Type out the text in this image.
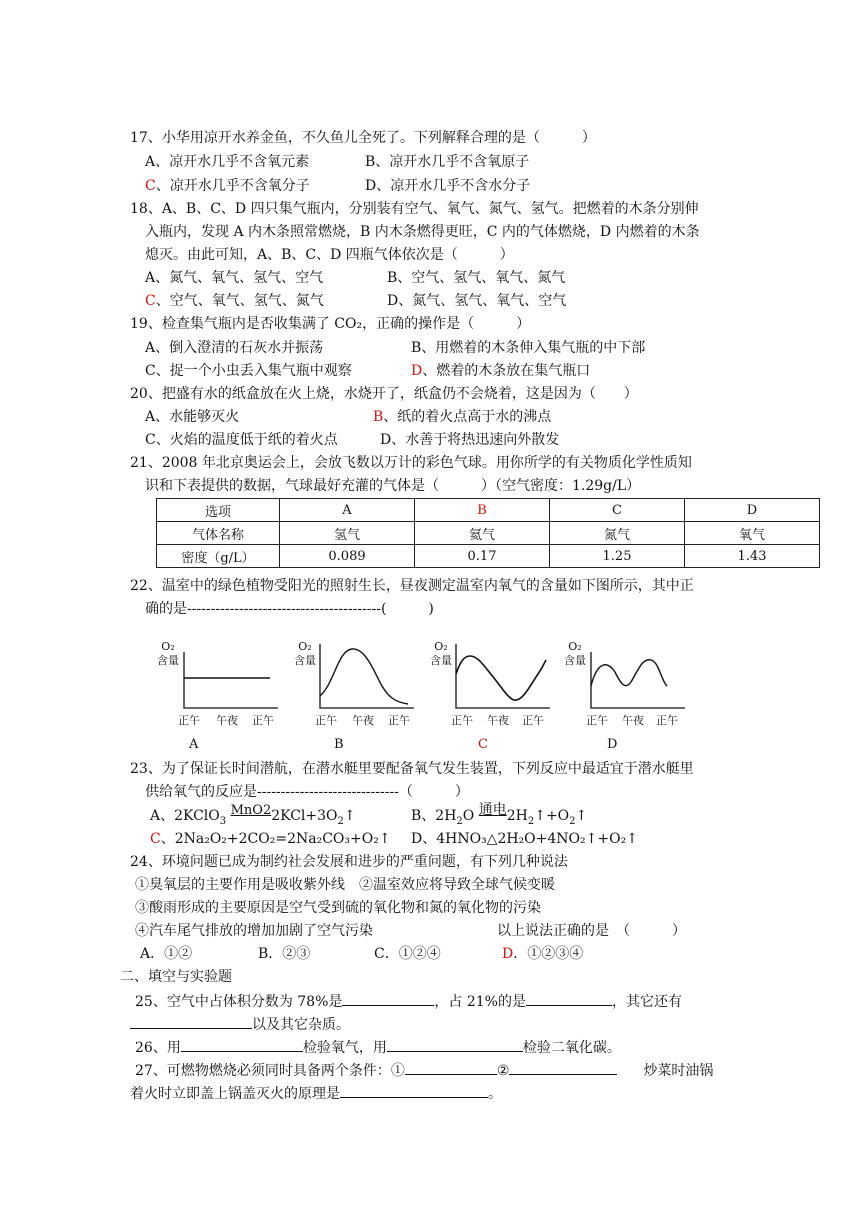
17、小华用凉开水养金鱼，不久鱼儿全死了。下列解释合理的是（　　　）
A、凉开水几乎不含氧元素	B、凉开水几乎不含氧原子
C、凉开水几乎不含氧分子	D、凉开水几乎不含水分子
18、A、B、C、D 四只集气瓶内，分别装有空气、氧气、氮气、氢气。把燃着的木条分别伸
入瓶内，发现 A 内木条照常燃烧，B 内木条燃得更旺，C 内的气体燃烧，D 内燃着的木条
熄灭。由此可知，A、B、C、D 四瓶气体依次是（　　　）
A、氮气、氧气、氢气、空气	B、空气、氢气、氧气、氮气
C、空气、氧气、氢气、氮气	D、氮气、氢气、氧气、空气
19、检查集气瓶内是否收集满了 CO₂，正确的操作是（　　　）
A、倒入澄清的石灰水并振荡	B、用燃着的木条伸入集气瓶的中下部
C、捉一个小虫丢入集气瓶中观察	D、燃着的木条放在集气瓶口
20、把盛有水的纸盒放在火上烧，水烧开了，纸盒仍不会烧着，这是因为（　　）
A、水能够灭火	B、纸的着火点高于水的沸点
C、火焰的温度低于纸的着火点	D、水善于将热迅速向外散发
21、2008 年北京奥运会上，会放飞数以万计的彩色气球。用你所学的有关物质化学性质知
识和下表提供的数据，气球最好充灌的气体是（　　　）（空气密度：1.29g/L）
选项	A	B	C	D
气体名称	氢气	氦气	氮气	氧气
密度（g/L）	0.089	0.17	1.25	1.43
22、温室中的绿色植物受阳光的照射生长，昼夜测定温室内氧气的含量如下图所示，其中正
确的是-----------------------------------------(　　　)
O₂
含量
正午 午夜 正午
A
O₂
含量
正午 午夜 正午
B
O₂
含量
正午 午夜 正午
C
O₂
含量
正午 午夜 正午
D
23、为了保证长时间潜航，在潜水艇里要配备氧气发生装置，下列反应中最适宜于潜水艇里
供给氧气的反应是------------------------------（　　　）
A、2KClO$_3$ $MnO22KCl+3O_2↑$	B、$2H_2O$ 通电$2H_2↑+O_2↑$
C、2Na₂O₂+2CO₂=2Na₂CO₃+O₂↑ D、4HNO₃△2H₂O+4NO₂↑+O₂↑
24、环境问题已成为制约社会发展和进步的严重问题，有下列几种说法
①臭氧层的主要作用是吸收紫外线　②温室效应将导致全球气候变暖
③酸雨形成的主要原因是空气受到硫的氧化物和氮的氧化物的污染
④汽车尾气排放的增加加剧了空气污染	以上说法正确的是　（　　　）
A．①②	B．②③	C．①②④	D．①②③④
二、填空与实验题
25、空气中占体积分数为 78%是	，占 21%的是	，其它还有
以及其它杂质。
26、用	检验氧气，用	检验二氧化碳。
27、可燃物燃烧必须同时具备两个条件：①	②	炒菜时油锅
着火时立即盖上锅盖灭火的原理是	。
